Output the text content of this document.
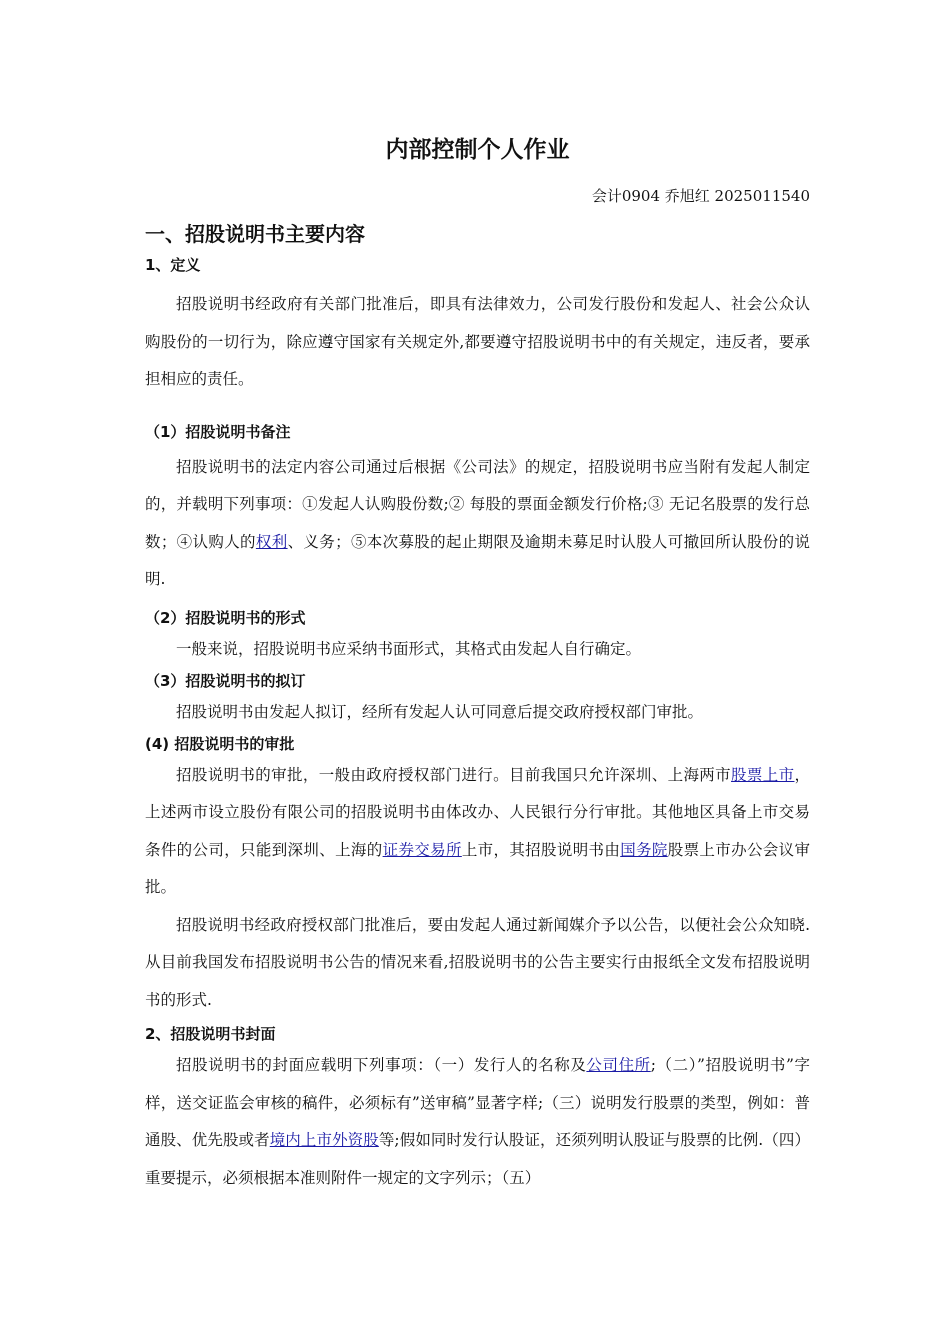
内部控制个人作业

会计0904 乔旭红 2025011540

一、招股说明书主要内容
1、定义

招股说明书经政府有关部门批准后，即具有法律效力，公司发行股份和发起人、社会公众认购股份的一切行为，除应遵守国家有关规定外,都要遵守招股说明书中的有关规定，违反者，要承担相应的责任。

（1）招股说明书备注

招股说明书的法定内容公司通过后根据《公司法》的规定，招股说明书应当附有发起人制定的，并载明下列事项：①发起人认购股份数;② 每股的票面金额发行价格;③ 无记名股票的发行总数；④认购人的权利、义务；⑤本次募股的起止期限及逾期未募足时认股人可撤回所认股份的说明.

（2）招股说明书的形式

一般来说，招股说明书应采纳书面形式，其格式由发起人自行确定。

（3）招股说明书的拟订

招股说明书由发起人拟订，经所有发起人认可同意后提交政府授权部门审批。

(4) 招股说明书的审批

招股说明书的审批，一般由政府授权部门进行。目前我国只允许深圳、上海两市股票上市，上述两市设立股份有限公司的招股说明书由体改办、人民银行分行审批。其他地区具备上市交易条件的公司，只能到深圳、上海的证券交易所上市，其招股说明书由国务院股票上市办公会议审批。

招股说明书经政府授权部门批准后，要由发起人通过新闻媒介予以公告，以便社会公众知晓.从目前我国发布招股说明书公告的情况来看,招股说明书的公告主要实行由报纸全文发布招股说明书的形式.

2、招股说明书封面

招股说明书的封面应载明下列事项：（一）发行人的名称及公司住所;（二）”招股说明书”字样，送交证监会审核的稿件，必须标有”送审稿”显著字样;（三）说明发行股票的类型，例如：普通股、优先股或者境内上市外资股等;假如同时发行认股证，还须列明认股证与股票的比例.（四）重要提示，必须根据本准则附件一规定的文字列示；（五）
